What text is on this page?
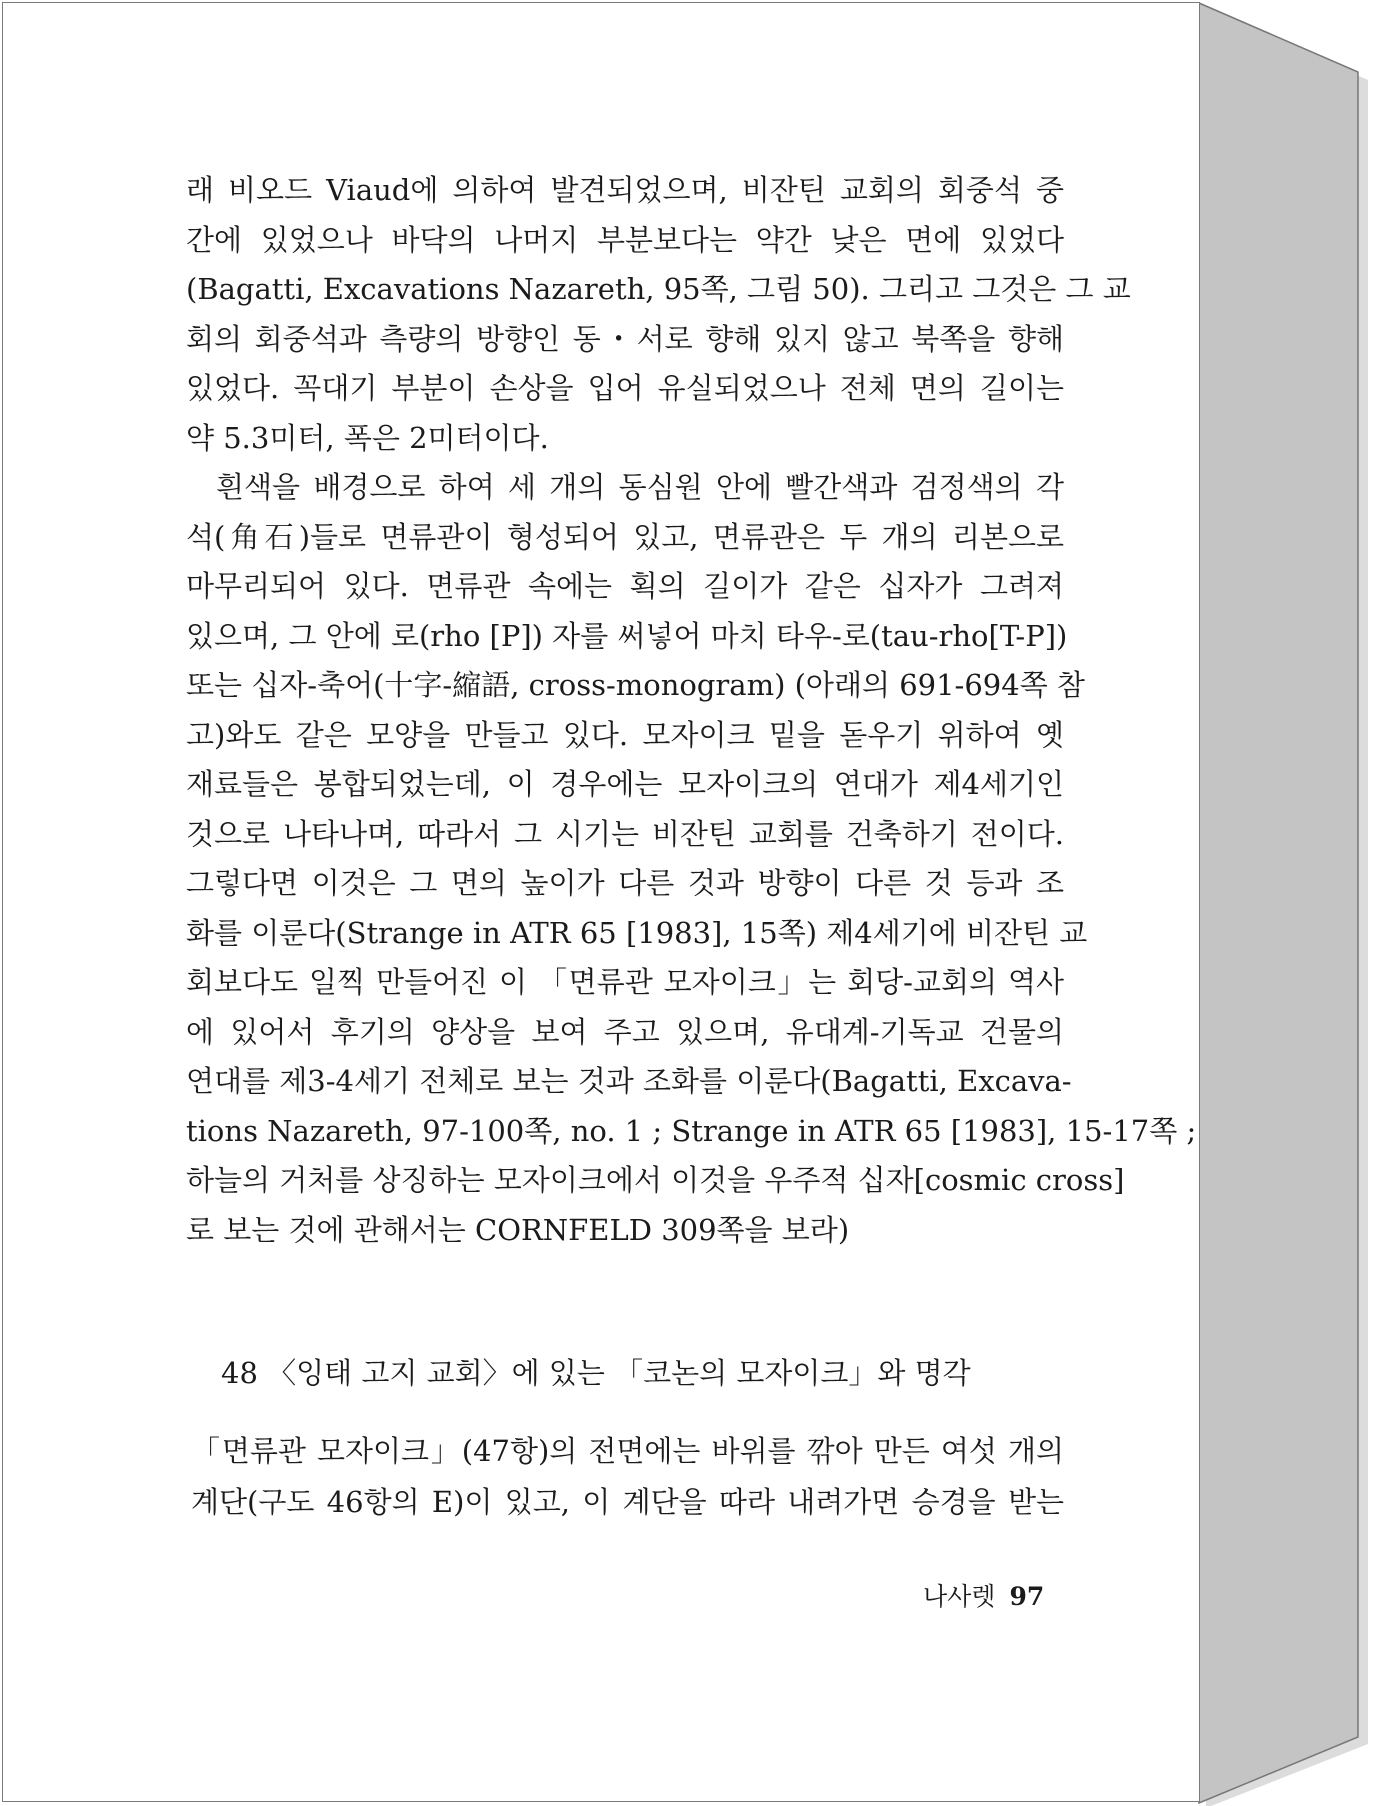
래 비오드 Viaud에 의하여 발견되었으며, 비잔틴 교회의 회중석 중
간에 있었으나 바닥의 나머지 부분보다는 약간 낮은 면에 있었다
(Bagatti, Excavations Nazareth, 95쪽, 그림 50). 그리고 그것은 그 교
회의 회중석과 측량의 방향인 동・서로 향해 있지 않고 북쪽을 향해
있었다. 꼭대기 부분이 손상을 입어 유실되었으나 전체 면의 길이는
약 5.3미터, 폭은 2미터이다.
흰색을 배경으로 하여 세 개의 동심원 안에 빨간색과 검정색의 각
석(角石)들로 면류관이 형성되어 있고, 면류관은 두 개의 리본으로
마무리되어 있다. 면류관 속에는 획의 길이가 같은 십자가 그려져
있으며, 그 안에 로(rho [P]) 자를 써넣어 마치 타우-로(tau-rho[T-P])
또는 십자-축어(十字-縮語, cross-monogram) (아래의 691-694쪽 참
고)와도 같은 모양을 만들고 있다. 모자이크 밑을 돋우기 위하여 옛
재료들은 봉합되었는데, 이 경우에는 모자이크의 연대가 제4세기인
것으로 나타나며, 따라서 그 시기는 비잔틴 교회를 건축하기 전이다.
그렇다면 이것은 그 면의 높이가 다른 것과 방향이 다른 것 등과 조
화를 이룬다(Strange in ATR 65 [1983], 15쪽) 제4세기에 비잔틴 교
회보다도 일찍 만들어진 이 「면류관 모자이크」는 회당-교회의 역사
에 있어서 후기의 양상을 보여 주고 있으며, 유대계-기독교 건물의
연대를 제3-4세기 전체로 보는 것과 조화를 이룬다(Bagatti, Excava-
tions Nazareth, 97-100쪽, no. 1 ; Strange in ATR 65 [1983], 15-17쪽 ;
하늘의 거처를 상징하는 모자이크에서 이것을 우주적 십자[cosmic cross]
로 보는 것에 관해서는 CORNFELD 309쪽을 보라)
48 〈잉태 고지 교회〉에 있는 「코논의 모자이크」와 명각
「면류관 모자이크」(47항)의 전면에는 바위를 깎아 만든 여섯 개의
계단(구도 46항의 E)이 있고, 이 계단을 따라 내려가면 승경을 받는
나사렛 97
